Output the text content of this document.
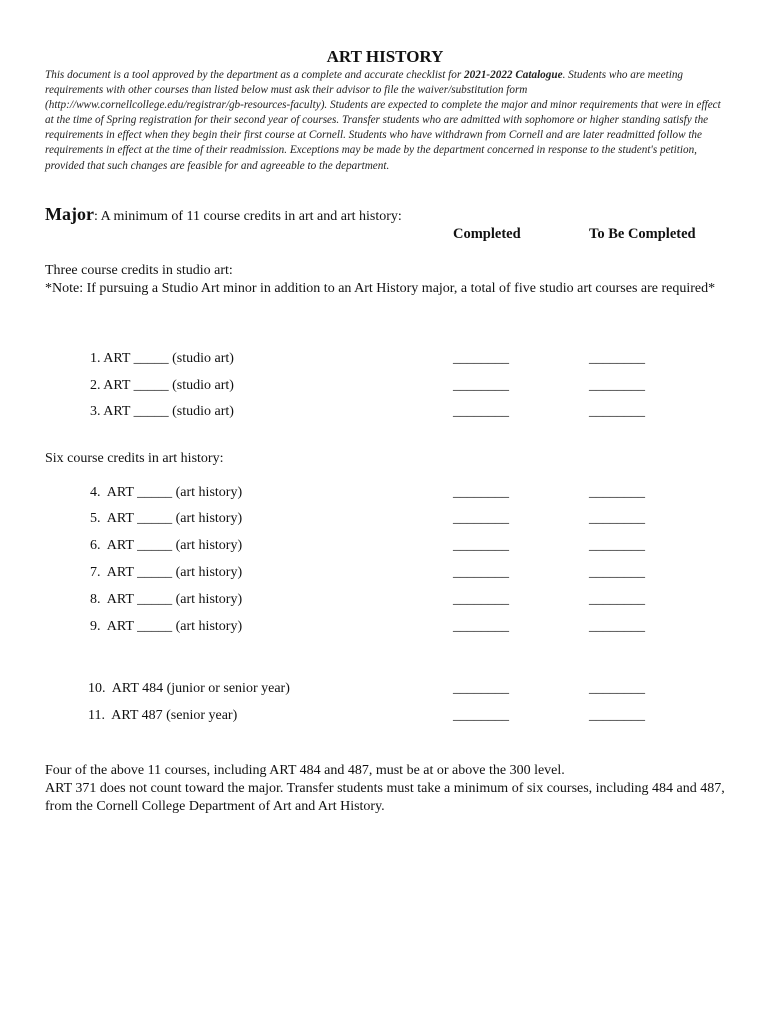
ART HISTORY
This document is a tool approved by the department as a complete and accurate checklist for 2021-2022 Catalogue. Students who are meeting requirements with other courses than listed below must ask their advisor to file the waiver/substitution form (http://www.cornellcollege.edu/registrar/gb-resources-faculty). Students are expected to complete the major and minor requirements that were in effect at the time of Spring registration for their second year of courses. Transfer students who are admitted with sophomore or higher standing satisfy the requirements in effect when they begin their first course at Cornell. Students who have withdrawn from Cornell and are later readmitted follow the requirements in effect at the time of their readmission. Exceptions may be made by the department concerned in response to the student's petition, provided that such changes are feasible for and agreeable to the department.
Major: A minimum of 11 course credits in art and art history:
Completed	To Be Completed
Three course credits in studio art:
*Note: If pursuing a Studio Art minor in addition to an Art History major, a total of five studio art courses are required*
1. ART _____ (studio art)	________	________
2. ART _____ (studio art)	________	________
3. ART _____ (studio art)	________	________
Six course credits in art history:
4.  ART _____ (art history)	________	________
5.  ART _____ (art history)	________	________
6.  ART _____ (art history)	________	________
7.  ART _____ (art history)	________	________
8.  ART _____ (art history)	________	________
9.  ART _____ (art history)	________	________
10.  ART 484 (junior or senior year)	________	________
11.  ART 487 (senior year)	________	________
Four of the above 11 courses, including ART 484 and 487, must be at or above the 300 level.
ART 371 does not count toward the major. Transfer students must take a minimum of six courses, including 484 and 487, from the Cornell College Department of Art and Art History.
